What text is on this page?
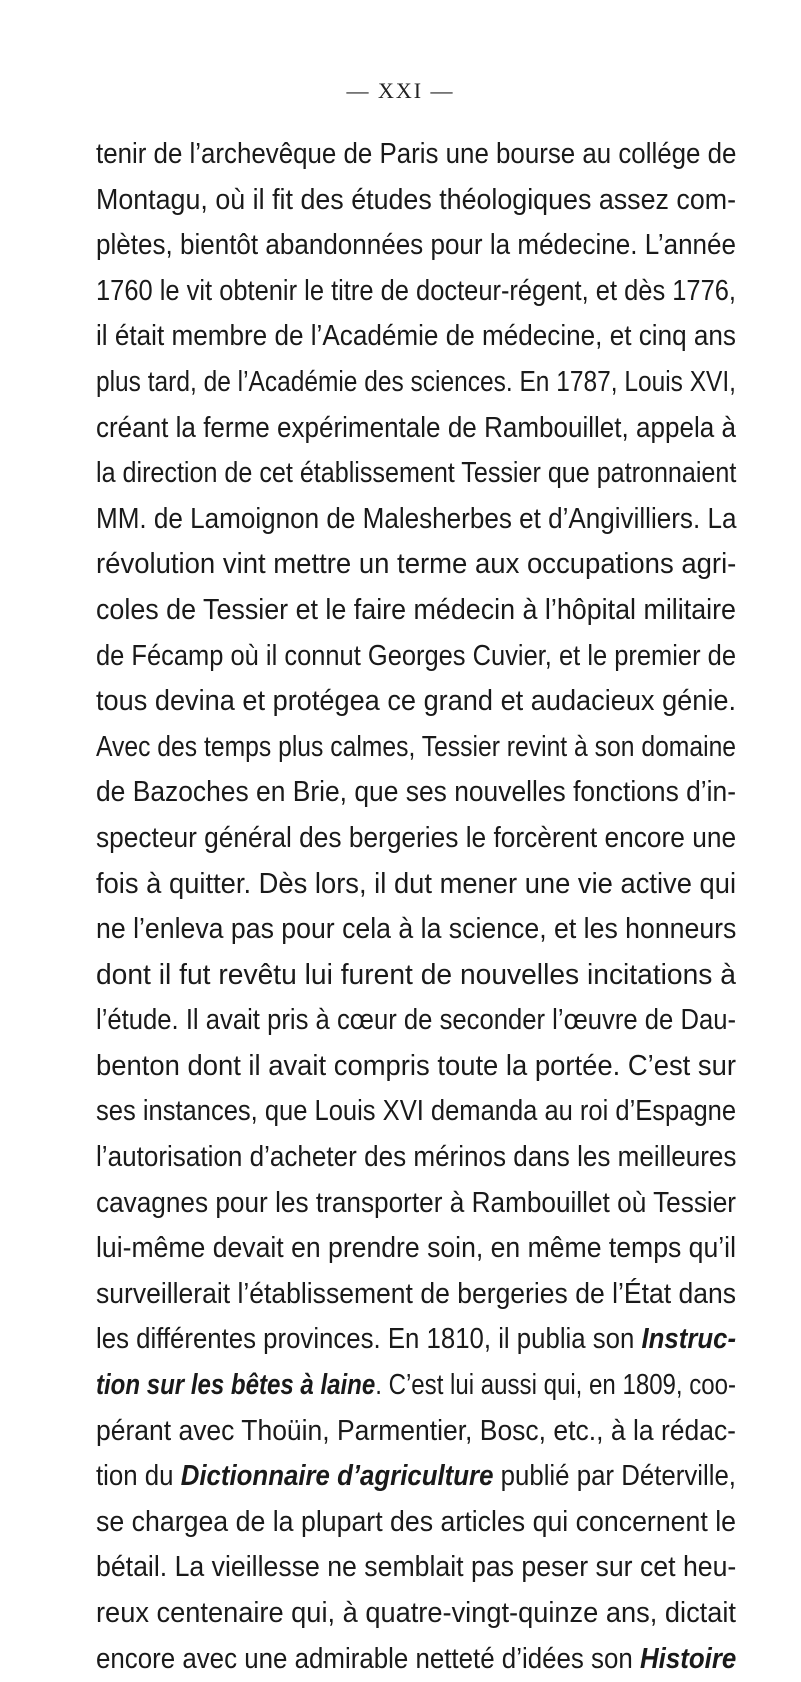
— XXI —
tenir de l’archevêque de Paris une bourse au collége de
Montagu, où il fit des études théologiques assez com-
plètes, bientôt abandonnées pour la médecine. L’année
1760 le vit obtenir le titre de docteur-régent, et dès 1776,
il était membre de l’Académie de médecine, et cinq ans
plus tard, de l’Académie des sciences. En 1787, Louis XVI,
créant la ferme expérimentale de Rambouillet, appela à
la direction de cet établissement Tessier que patronnaient
MM. de Lamoignon de Malesherbes et d’Angivilliers. La
révolution vint mettre un terme aux occupations agri-
coles de Tessier et le faire médecin à l’hôpital militaire
de Fécamp où il connut Georges Cuvier, et le premier de
tous devina et protégea ce grand et audacieux génie.
Avec des temps plus calmes, Tessier revint à son domaine
de Bazoches en Brie, que ses nouvelles fonctions d’in-
specteur général des bergeries le forcèrent encore une
fois à quitter. Dès lors, il dut mener une vie active qui
ne l’enleva pas pour cela à la science, et les honneurs
dont il fut revêtu lui furent de nouvelles incitations à
l’étude. Il avait pris à cœur de seconder l’œuvre de Dau-
benton dont il avait compris toute la portée. C’est sur
ses instances, que Louis XVI demanda au roi d’Espagne
l’autorisation d’acheter des mérinos dans les meilleures
cavagnes pour les transporter à Rambouillet où Tessier
lui-même devait en prendre soin, en même temps qu’il
surveillerait l’établissement de bergeries de l’État dans
les différentes provinces. En 1810, il publia son Instruc-
tion sur les bêtes à laine. C’est lui aussi qui, en 1809, coo-
pérant avec Thoüin, Parmentier, Bosc, etc., à la rédac-
tion du Dictionnaire d’agriculture publié par Déterville,
se chargea de la plupart des articles qui concernent le
bétail. La vieillesse ne semblait pas peser sur cet heu-
reux centenaire qui, à quatre-vingt-quinze ans, dictait
encore avec une admirable netteté d’idées son Histoire
